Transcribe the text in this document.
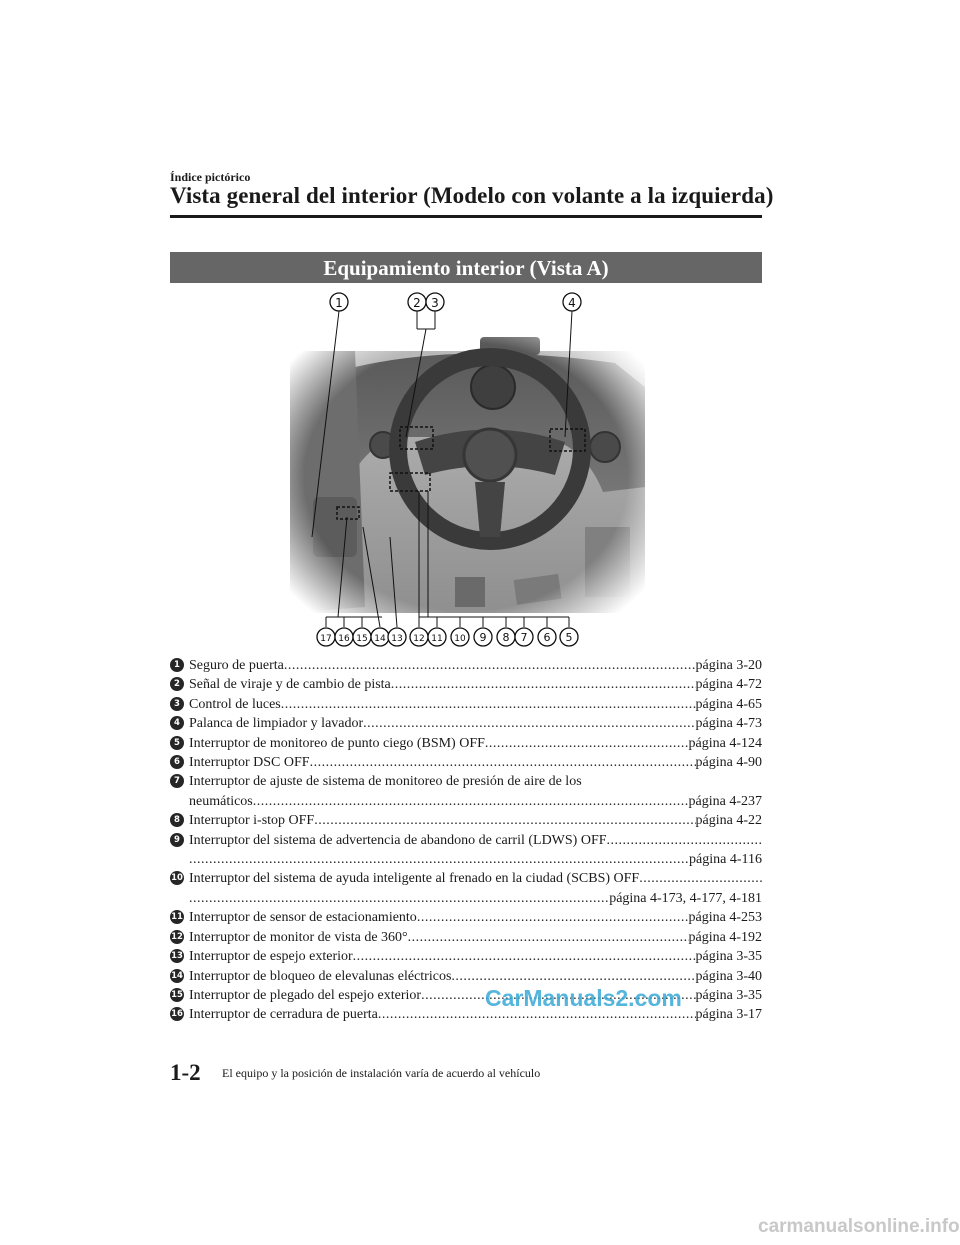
Índice pictórico
Vista general del interior (Modelo con volante a la izquierda)
Equipamiento interior (Vista A)
1	2 3	4
17 16 15 14 13 12 11 10 9 8 7 6 5
1 Seguro de puerta .....	página 3-20
2 Señal de viraje y de cambio de pista .....	página 4-72
3 Control de luces .....	página 4-65
4 Palanca de limpiador y lavador .....	página 4-73
5 Interruptor de monitoreo de punto ciego (BSM) OFF .....	página 4-124
6 Interruptor DSC OFF .....	página 4-90
7 Interruptor de ajuste de sistema de monitoreo de presión de aire de los
neumáticos .....	página 4-237
8 Interruptor i-stop OFF .....	página 4-22
9 Interruptor del sistema de advertencia de abandono de carril (LDWS) OFF
.....
.....
página 4-116
10 Interruptor del sistema de ayuda inteligente al frenado en la ciudad (SCBS) OFF
.....
.....
página 4-173, 4-177, 4-181
11 Interruptor de sensor de estacionamiento .....	página 4-253
12 Interruptor de monitor de vista de 360° .....	página 4-192
13 Interruptor de espejo exterior .....	página 3-35
14 Interruptor de bloqueo de elevalunas eléctricos .....	página 3-40
15 Interruptor de plegado del espejo exterior .....	página 3-35
16 Interruptor de cerradura de puerta .....	página 3-17
CarManuals2.com
1-2 El equipo y la posición de instalación varía de acuerdo al vehículo
carmanualsonline.info
